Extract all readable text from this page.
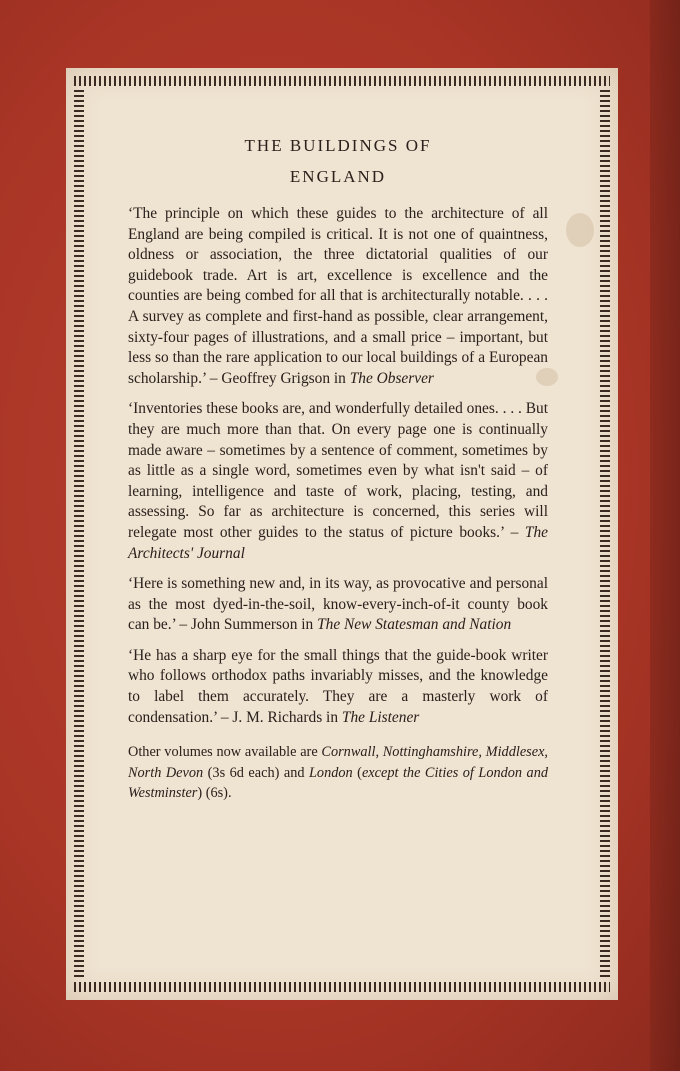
THE BUILDINGS OF
ENGLAND

‘The principle on which these guides to the architecture of all England are being compiled is critical. It is not one of quaintness, oldness or association, the three dictatorial qualities of our guidebook trade. Art is art, excellence is excellence and the counties are being combed for all that is architecturally notable. . . . A survey as complete and first-hand as possible, clear arrangement, sixty-four pages of illustrations, and a small price – important, but less so than the rare application to our local buildings of a European scholarship.’ – Geoffrey Grigson in The Observer

‘Inventories these books are, and wonderfully detailed ones. . . . But they are much more than that. On every page one is continually made aware – sometimes by a sentence of comment, sometimes by as little as a single word, sometimes even by what isn't said – of learning, intelligence and taste of work, placing, testing, and assessing. So far as architecture is concerned, this series will relegate most other guides to the status of picture books.’ – The Architects' Journal

‘Here is something new and, in its way, as provocative and personal as the most dyed-in-the-soil, know-every-inch-of-it county book can be.’ – John Summerson in The New Statesman and Nation

‘He has a sharp eye for the small things that the guide-book writer who follows orthodox paths invariably misses, and the knowledge to label them accurately. They are a masterly work of condensation.’ – J. M. Richards in The Listener

Other volumes now available are Cornwall, Nottinghamshire, Middlesex, North Devon (3s 6d each) and London (except the Cities of London and Westminster) (6s).
